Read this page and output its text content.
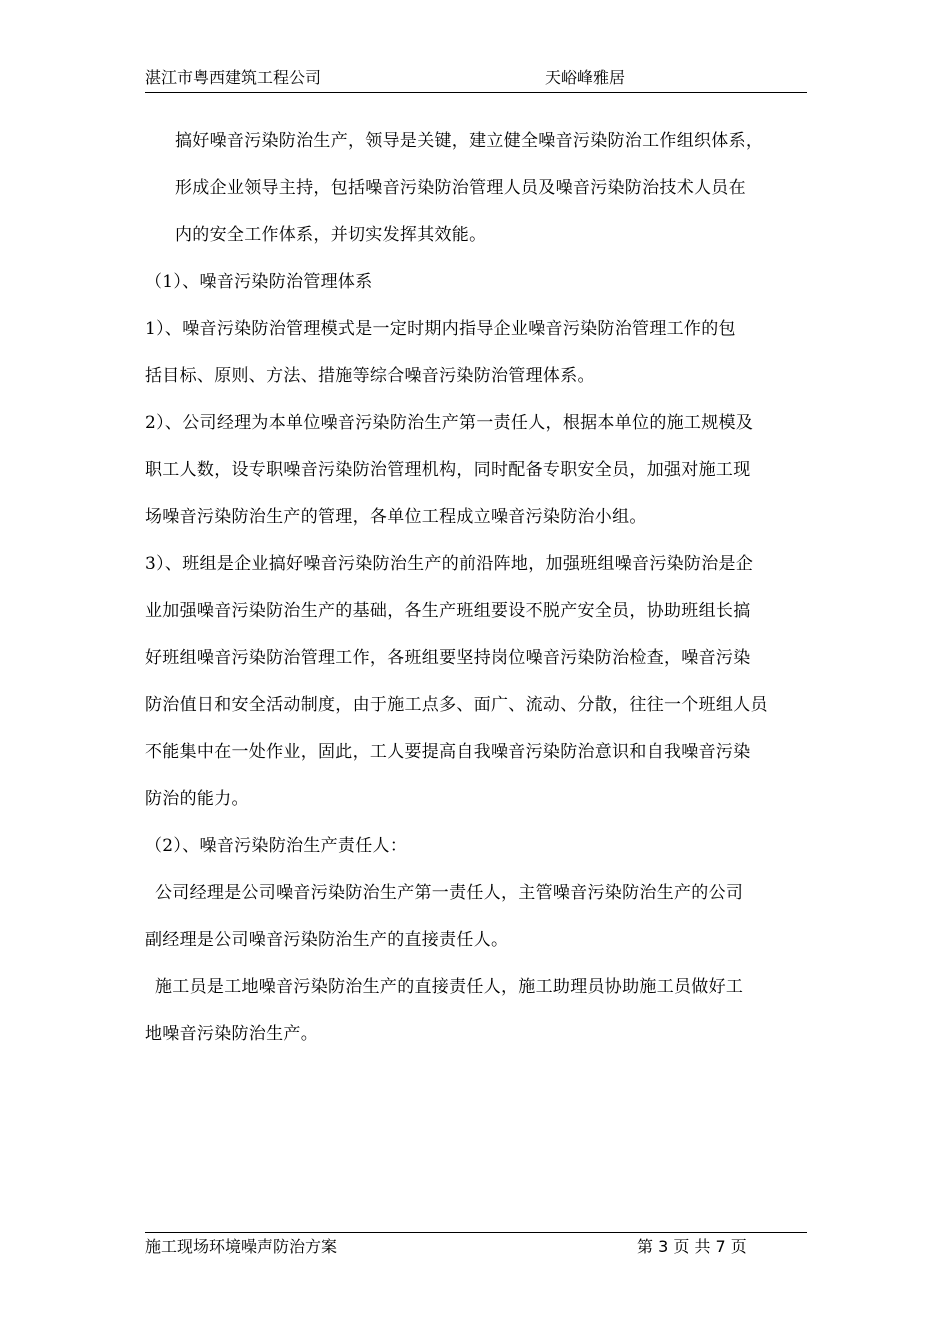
湛江市粤西建筑工程公司	天峪峰雅居

搞好噪音污染防治生产，领导是关键，建立健全噪音污染防治工作组织体系，

形成企业领导主持，包括噪音污染防治管理人员及噪音污染防治技术人员在

内的安全工作体系，并切实发挥其效能。

（1）、噪音污染防治管理体系

1）、噪音污染防治管理模式是一定时期内指导企业噪音污染防治管理工作的包

括目标、原则、方法、措施等综合噪音污染防治管理体系。

2）、公司经理为本单位噪音污染防治生产第一责任人，根据本单位的施工规模及

职工人数，设专职噪音污染防治管理机构，同时配备专职安全员，加强对施工现

场噪音污染防治生产的管理，各单位工程成立噪音污染防治小组。

3）、班组是企业搞好噪音污染防治生产的前沿阵地，加强班组噪音污染防治是企

业加强噪音污染防治生产的基础，各生产班组要设不脱产安全员，协助班组长搞

好班组噪音污染防治管理工作，各班组要坚持岗位噪音污染防治检查，噪音污染

防治值日和安全活动制度，由于施工点多、面广、流动、分散，往往一个班组人员

不能集中在一处作业，固此，工人要提高自我噪音污染防治意识和自我噪音污染

防治的能力。

（2）、噪音污染防治生产责任人：

公司经理是公司噪音污染防治生产第一责任人，主管噪音污染防治生产的公司

副经理是公司噪音污染防治生产的直接责任人。

施工员是工地噪音污染防治生产的直接责任人，施工助理员协助施工员做好工

地噪音污染防治生产。

施工现场环境噪声防治方案	第 3 页 共 7 页
